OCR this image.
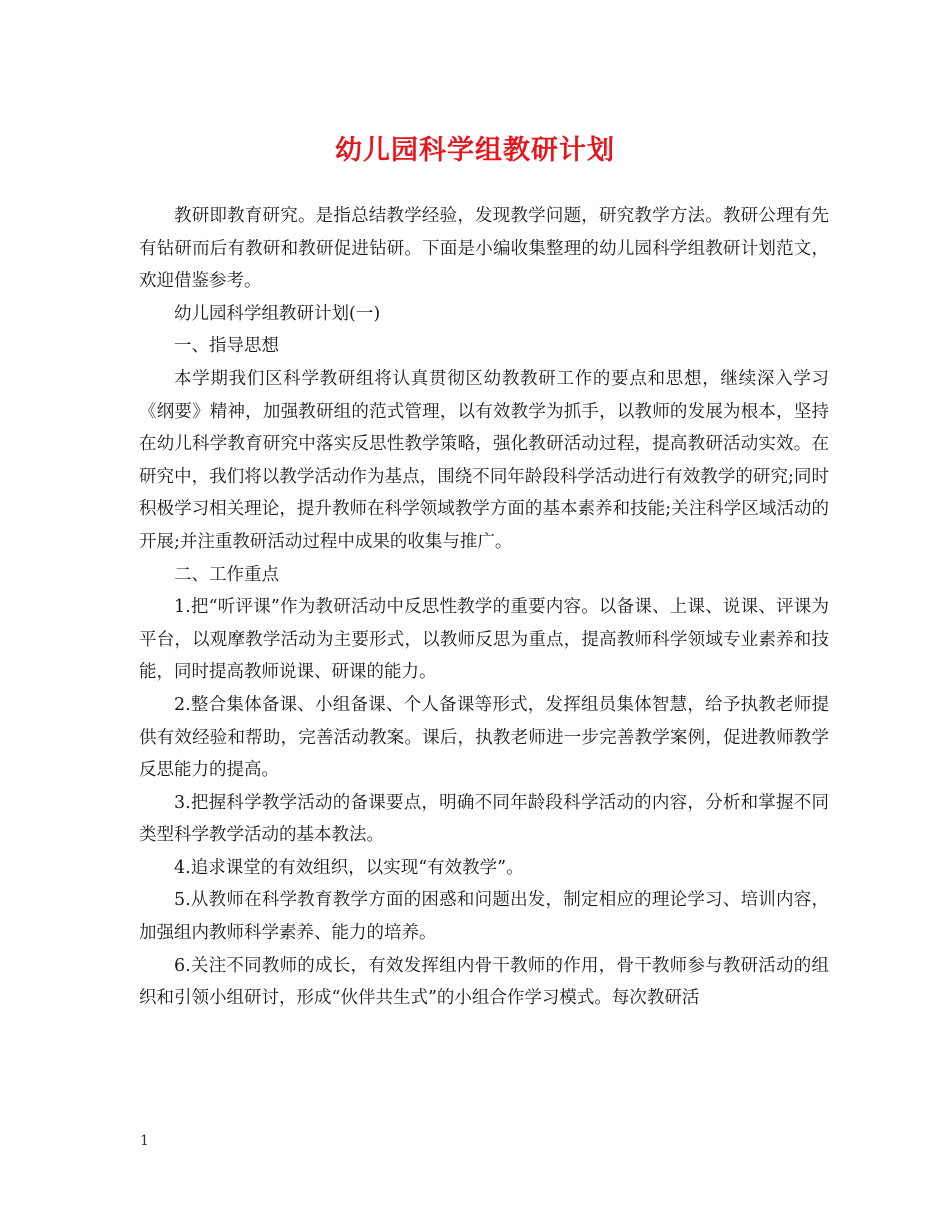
幼儿园科学组教研计划

教研即教育研究。是指总结教学经验，发现教学问题，研究教学方法。教研公理有先有钻研而后有教研和教研促进钻研。下面是小编收集整理的幼儿园科学组教研计划范文，欢迎借鉴参考。

幼儿园科学组教研计划(一)

一、指导思想

本学期我们区科学教研组将认真贯彻区幼教教研工作的要点和思想，继续深入学习《纲要》精神，加强教研组的范式管理，以有效教学为抓手，以教师的发展为根本，坚持在幼儿科学教育研究中落实反思性教学策略，强化教研活动过程，提高教研活动实效。在研究中，我们将以教学活动作为基点，围绕不同年龄段科学活动进行有效教学的研究;同时积极学习相关理论，提升教师在科学领域教学方面的基本素养和技能;关注科学区域活动的开展;并注重教研活动过程中成果的收集与推广。

二、工作重点

1.把“听评课”作为教研活动中反思性教学的重要内容。以备课、上课、说课、评课为平台，以观摩教学活动为主要形式，以教师反思为重点，提高教师科学领域专业素养和技能，同时提高教师说课、研课的能力。

2.整合集体备课、小组备课、个人备课等形式，发挥组员集体智慧，给予执教老师提供有效经验和帮助，完善活动教案。课后，执教老师进一步完善教学案例，促进教师教学反思能力的提高。

3.把握科学教学活动的备课要点，明确不同年龄段科学活动的内容，分析和掌握不同类型科学教学活动的基本教法。

4.追求课堂的有效组织，以实现“有效教学”。

5.从教师在科学教育教学方面的困惑和问题出发，制定相应的理论学习、培训内容，加强组内教师科学素养、能力的培养。

6.关注不同教师的成长，有效发挥组内骨干教师的作用，骨干教师参与教研活动的组织和引领小组研讨，形成“伙伴共生式”的小组合作学习模式。每次教研活

1
